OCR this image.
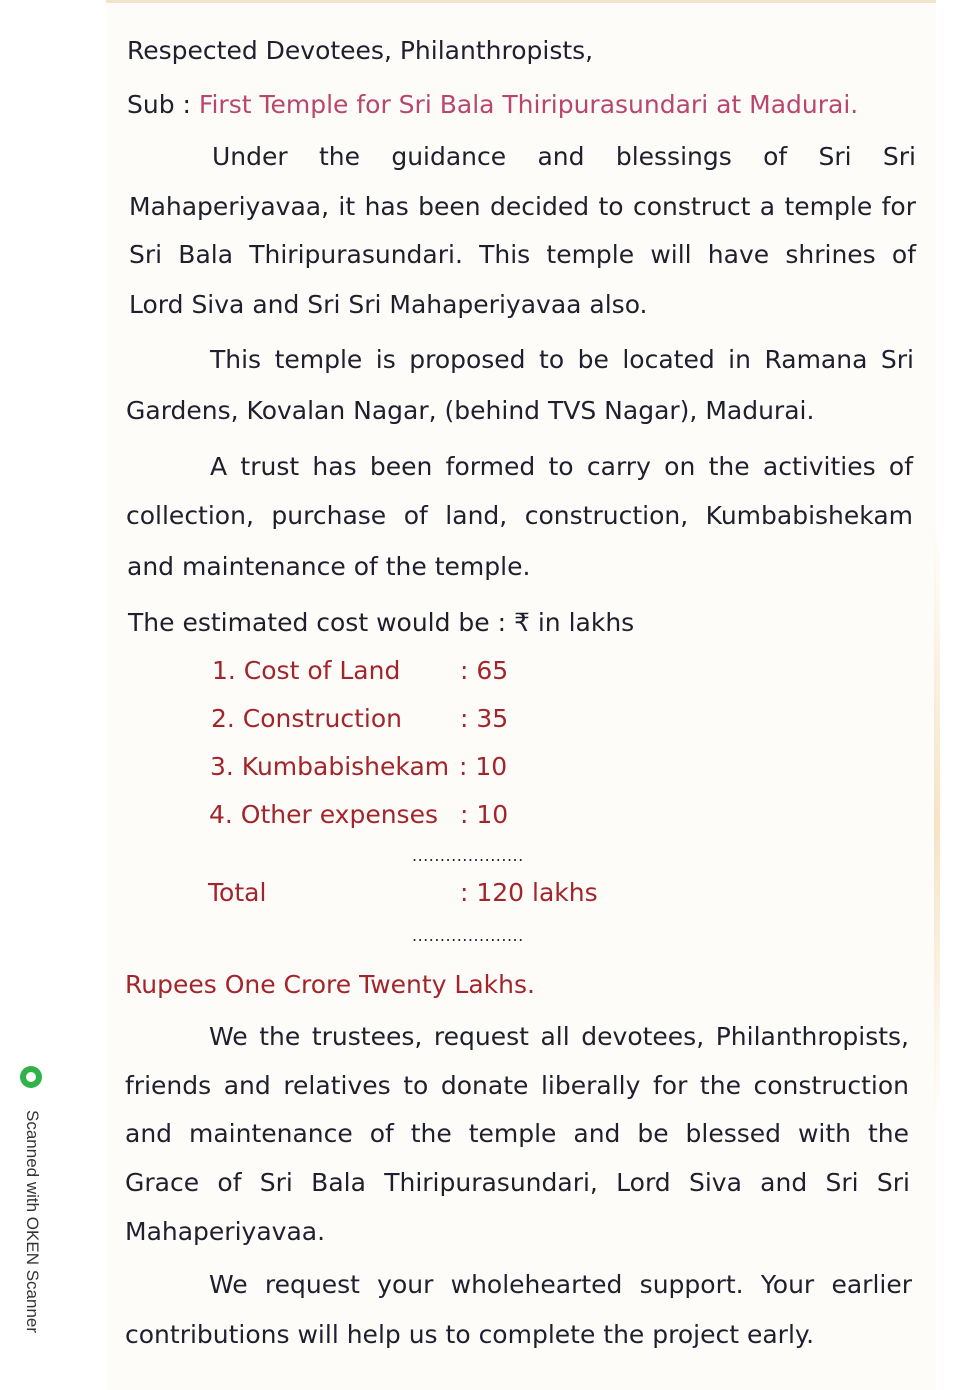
Respected Devotees, Philanthropists,
Sub : First Temple for Sri Bala Thiripurasundari at Madurai.
Under the guidance and blessings of Sri Sri
Mahaperiyavaa, it has been decided to construct a temple for
Sri Bala Thiripurasundari. This temple will have shrines of
Lord Siva and Sri Sri Mahaperiyavaa also.
This temple is proposed to be located in Ramana Sri
Gardens, Kovalan Nagar, (behind TVS Nagar), Madurai.
A trust has been formed to carry on the activities of
collection, purchase of land, construction, Kumbabishekam
and maintenance of the temple.
The estimated cost would be : ₹ in lakhs
1. Cost of Land : 65
2. Construction : 35
3. Kumbabishekam : 10
4. Other expenses : 10
....................
Total	: 120 lakhs
....................
Rupees One Crore Twenty Lakhs.
We the trustees, request all devotees, Philanthropists,
friends and relatives to donate liberally for the construction
and maintenance of the temple and be blessed with the
Grace of Sri Bala Thiripurasundari, Lord Siva and Sri Sri
Mahaperiyavaa.
We request your wholehearted support. Your earlier
contributions will help us to complete the project early.
Scanned with OKEN Scanner
